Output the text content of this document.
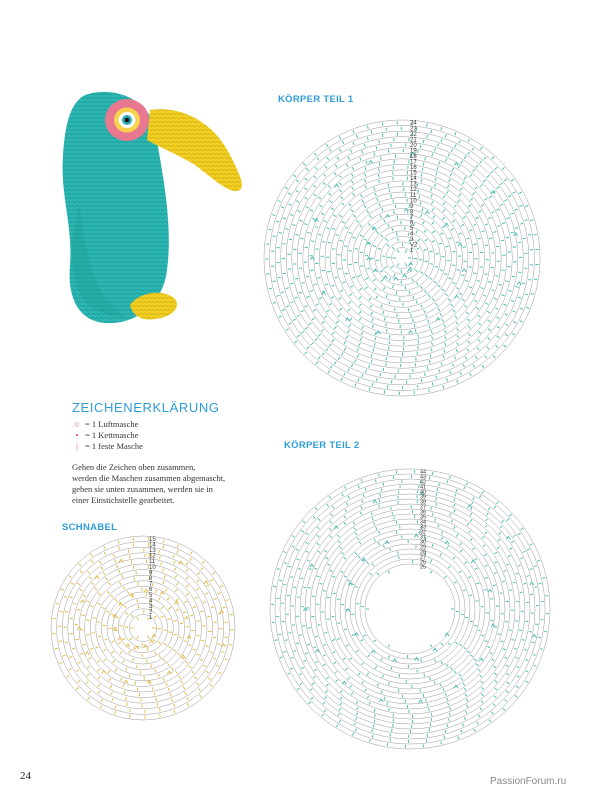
KÖRPER TEIL 1
1
V2
3
4
5
6
7
8
9
10
11
12
13
14
15
16
17
18
19
20
21
22
23
24
ZEICHENERKLÄRUNG
○ = 1 Luftmasche
• = 1 Kettmasche
| = 1 feste Masche
Gehen die Zeichen oben zusammen,
werden die Maschen zusammen abgemascht,
gehen sie unten zusammen, werden sie in
einer Einstichstelle gearbeitet.
KÖRPER TEIL 2
25
26
27
28
29
30
31
32
33
34
35
36
37
38
39
40
41
42
43
44
SCHNABEL
1
2
3
4
5
6
7
8
9
10
11
12
13
14
15
24	PassionForum.ru
